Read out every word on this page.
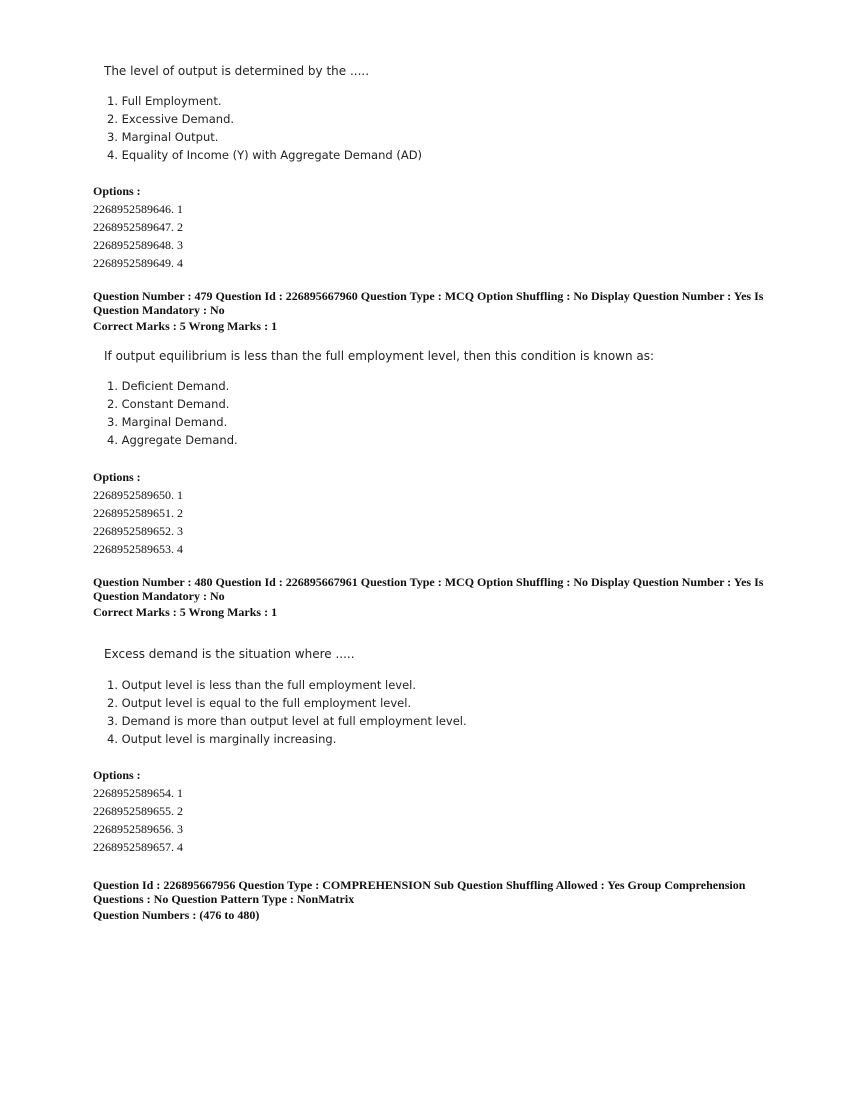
The level of output is determined by the .....
1. Full Employment.
2. Excessive Demand.
3. Marginal Output.
4. Equality of Income (Y) with Aggregate Demand (AD)
Options :
2268952589646. 1
2268952589647. 2
2268952589648. 3
2268952589649. 4

Question Number : 479 Question Id : 226895667960 Question Type : MCQ Option Shuffling : No Display Question Number : Yes Is Question Mandatory : No

Correct Marks : 5 Wrong Marks : 1

If output equilibrium is less than the full employment level, then this condition is known as:
1. Deficient Demand.
2. Constant Demand.
3. Marginal Demand.
4. Aggregate Demand.
Options :
2268952589650. 1
2268952589651. 2
2268952589652. 3
2268952589653. 4

Question Number : 480 Question Id : 226895667961 Question Type : MCQ Option Shuffling : No Display Question Number : Yes Is Question Mandatory : No

Correct Marks : 5 Wrong Marks : 1

Excess demand is the situation where .....
1. Output level is less than the full employment level.
2. Output level is equal to the full employment level.
3. Demand is more than output level at full employment level.
4. Output level is marginally increasing.
Options :
2268952589654. 1
2268952589655. 2
2268952589656. 3
2268952589657. 4

Question Id : 226895667956 Question Type : COMPREHENSION Sub Question Shuffling Allowed : Yes Group Comprehension Questions : No Question Pattern Type : NonMatrix

Question Numbers : (476 to 480)
